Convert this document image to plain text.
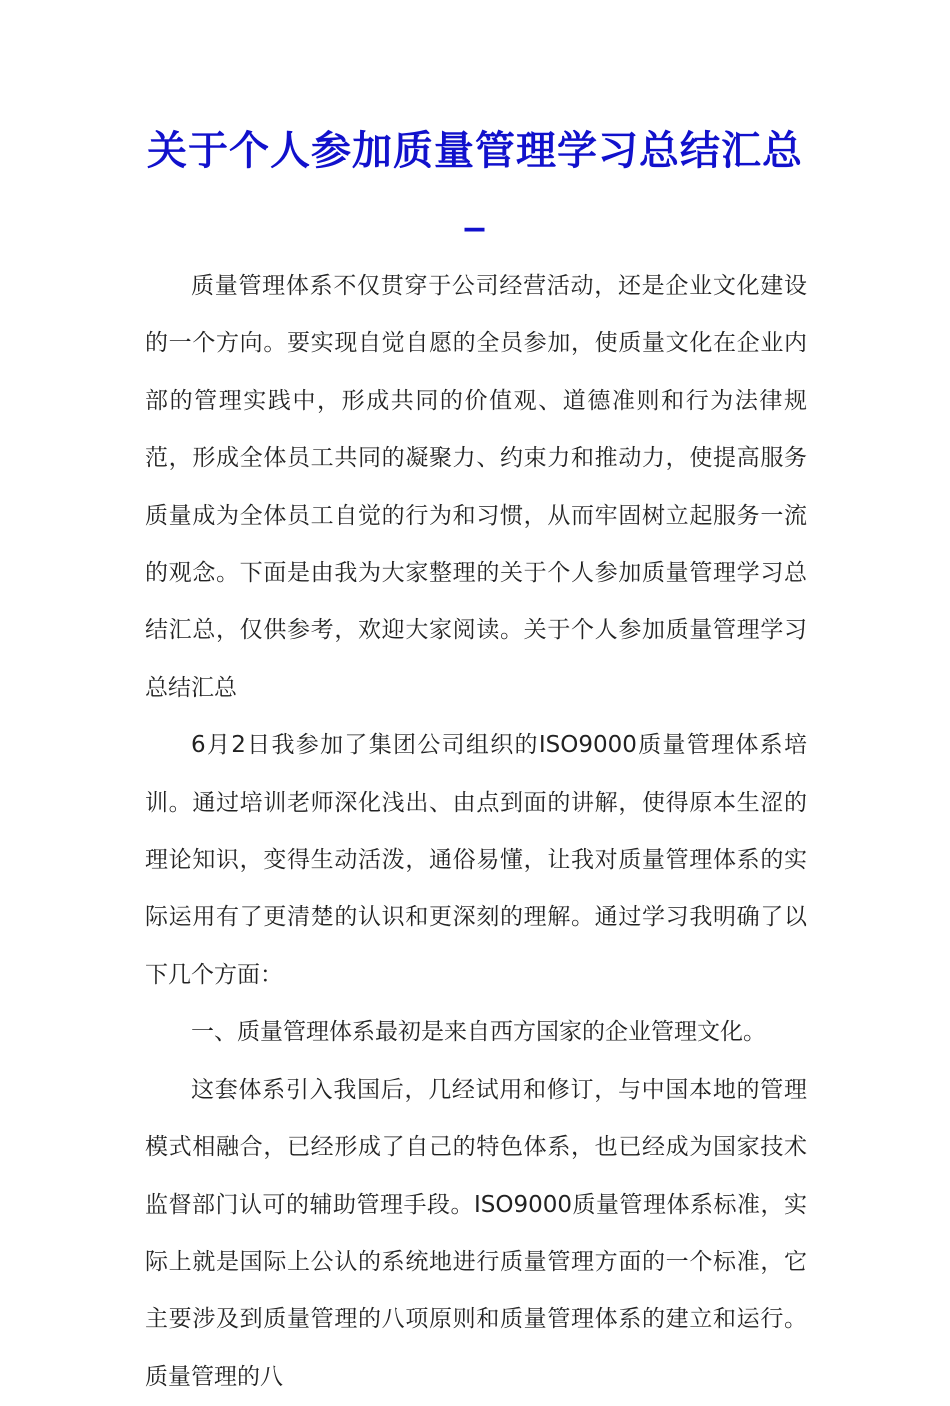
关于个人参加质量管理学习总结汇总_

质量管理体系不仅贯穿于公司经营活动，还是企业文化建设的一个方向。要实现自觉自愿的全员参加，使质量文化在企业内部的管理实践中，形成共同的价值观、道德准则和行为法律规范，形成全体员工共同的凝聚力、约束力和推动力，使提高服务质量成为全体员工自觉的行为和习惯，从而牢固树立起服务一流的观念。下面是由我为大家整理的关于个人参加质量管理学习总结汇总，仅供参考，欢迎大家阅读。关于个人参加质量管理学习总结汇总

6月2日我参加了集团公司组织的ISO9000质量管理体系培训。通过培训老师深化浅出、由点到面的讲解，使得原本生涩的理论知识，变得生动活泼，通俗易懂，让我对质量管理体系的实际运用有了更清楚的认识和更深刻的理解。通过学习我明确了以下几个方面：

一、质量管理体系最初是来自西方国家的企业管理文化。

这套体系引入我国后，几经试用和修订，与中国本地的管理模式相融合，已经形成了自己的特色体系，也已经成为国家技术监督部门认可的辅助管理手段。ISO9000质量管理体系标准，实际上就是国际上公认的系统地进行质量管理方面的一个标准，它主要涉及到质量管理的八项原则和质量管理体系的建立和运行。质量管理的八
